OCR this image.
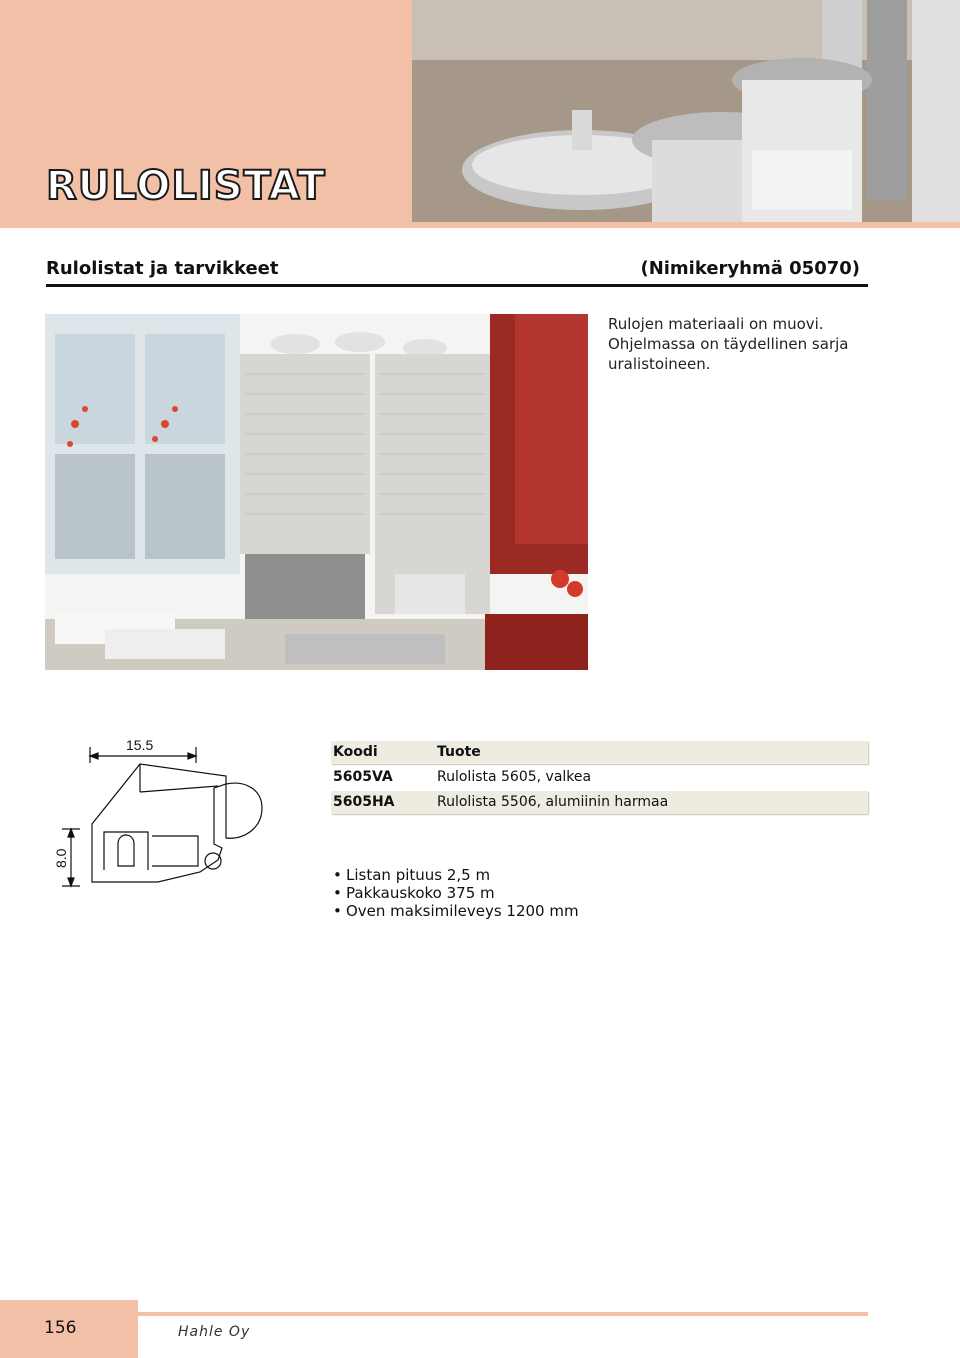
RULOLISTAT
Rulolistat ja tarvikkeet	(Nimikeryhmä 05070)
Rulojen materiaali on muovi.
Ohjelmassa on täydellinen sarja
uralistoineen.
15.5
8.0
Koodi	Tuote
5605VA	Rulolista 5605, valkea
5605HA	Rulolista 5506, alumiinin harmaa
• Listan pituus 2,5 m
• Pakkauskoko 375 m
• Oven maksimileveys 1200 mm
156	Hahle Oy
